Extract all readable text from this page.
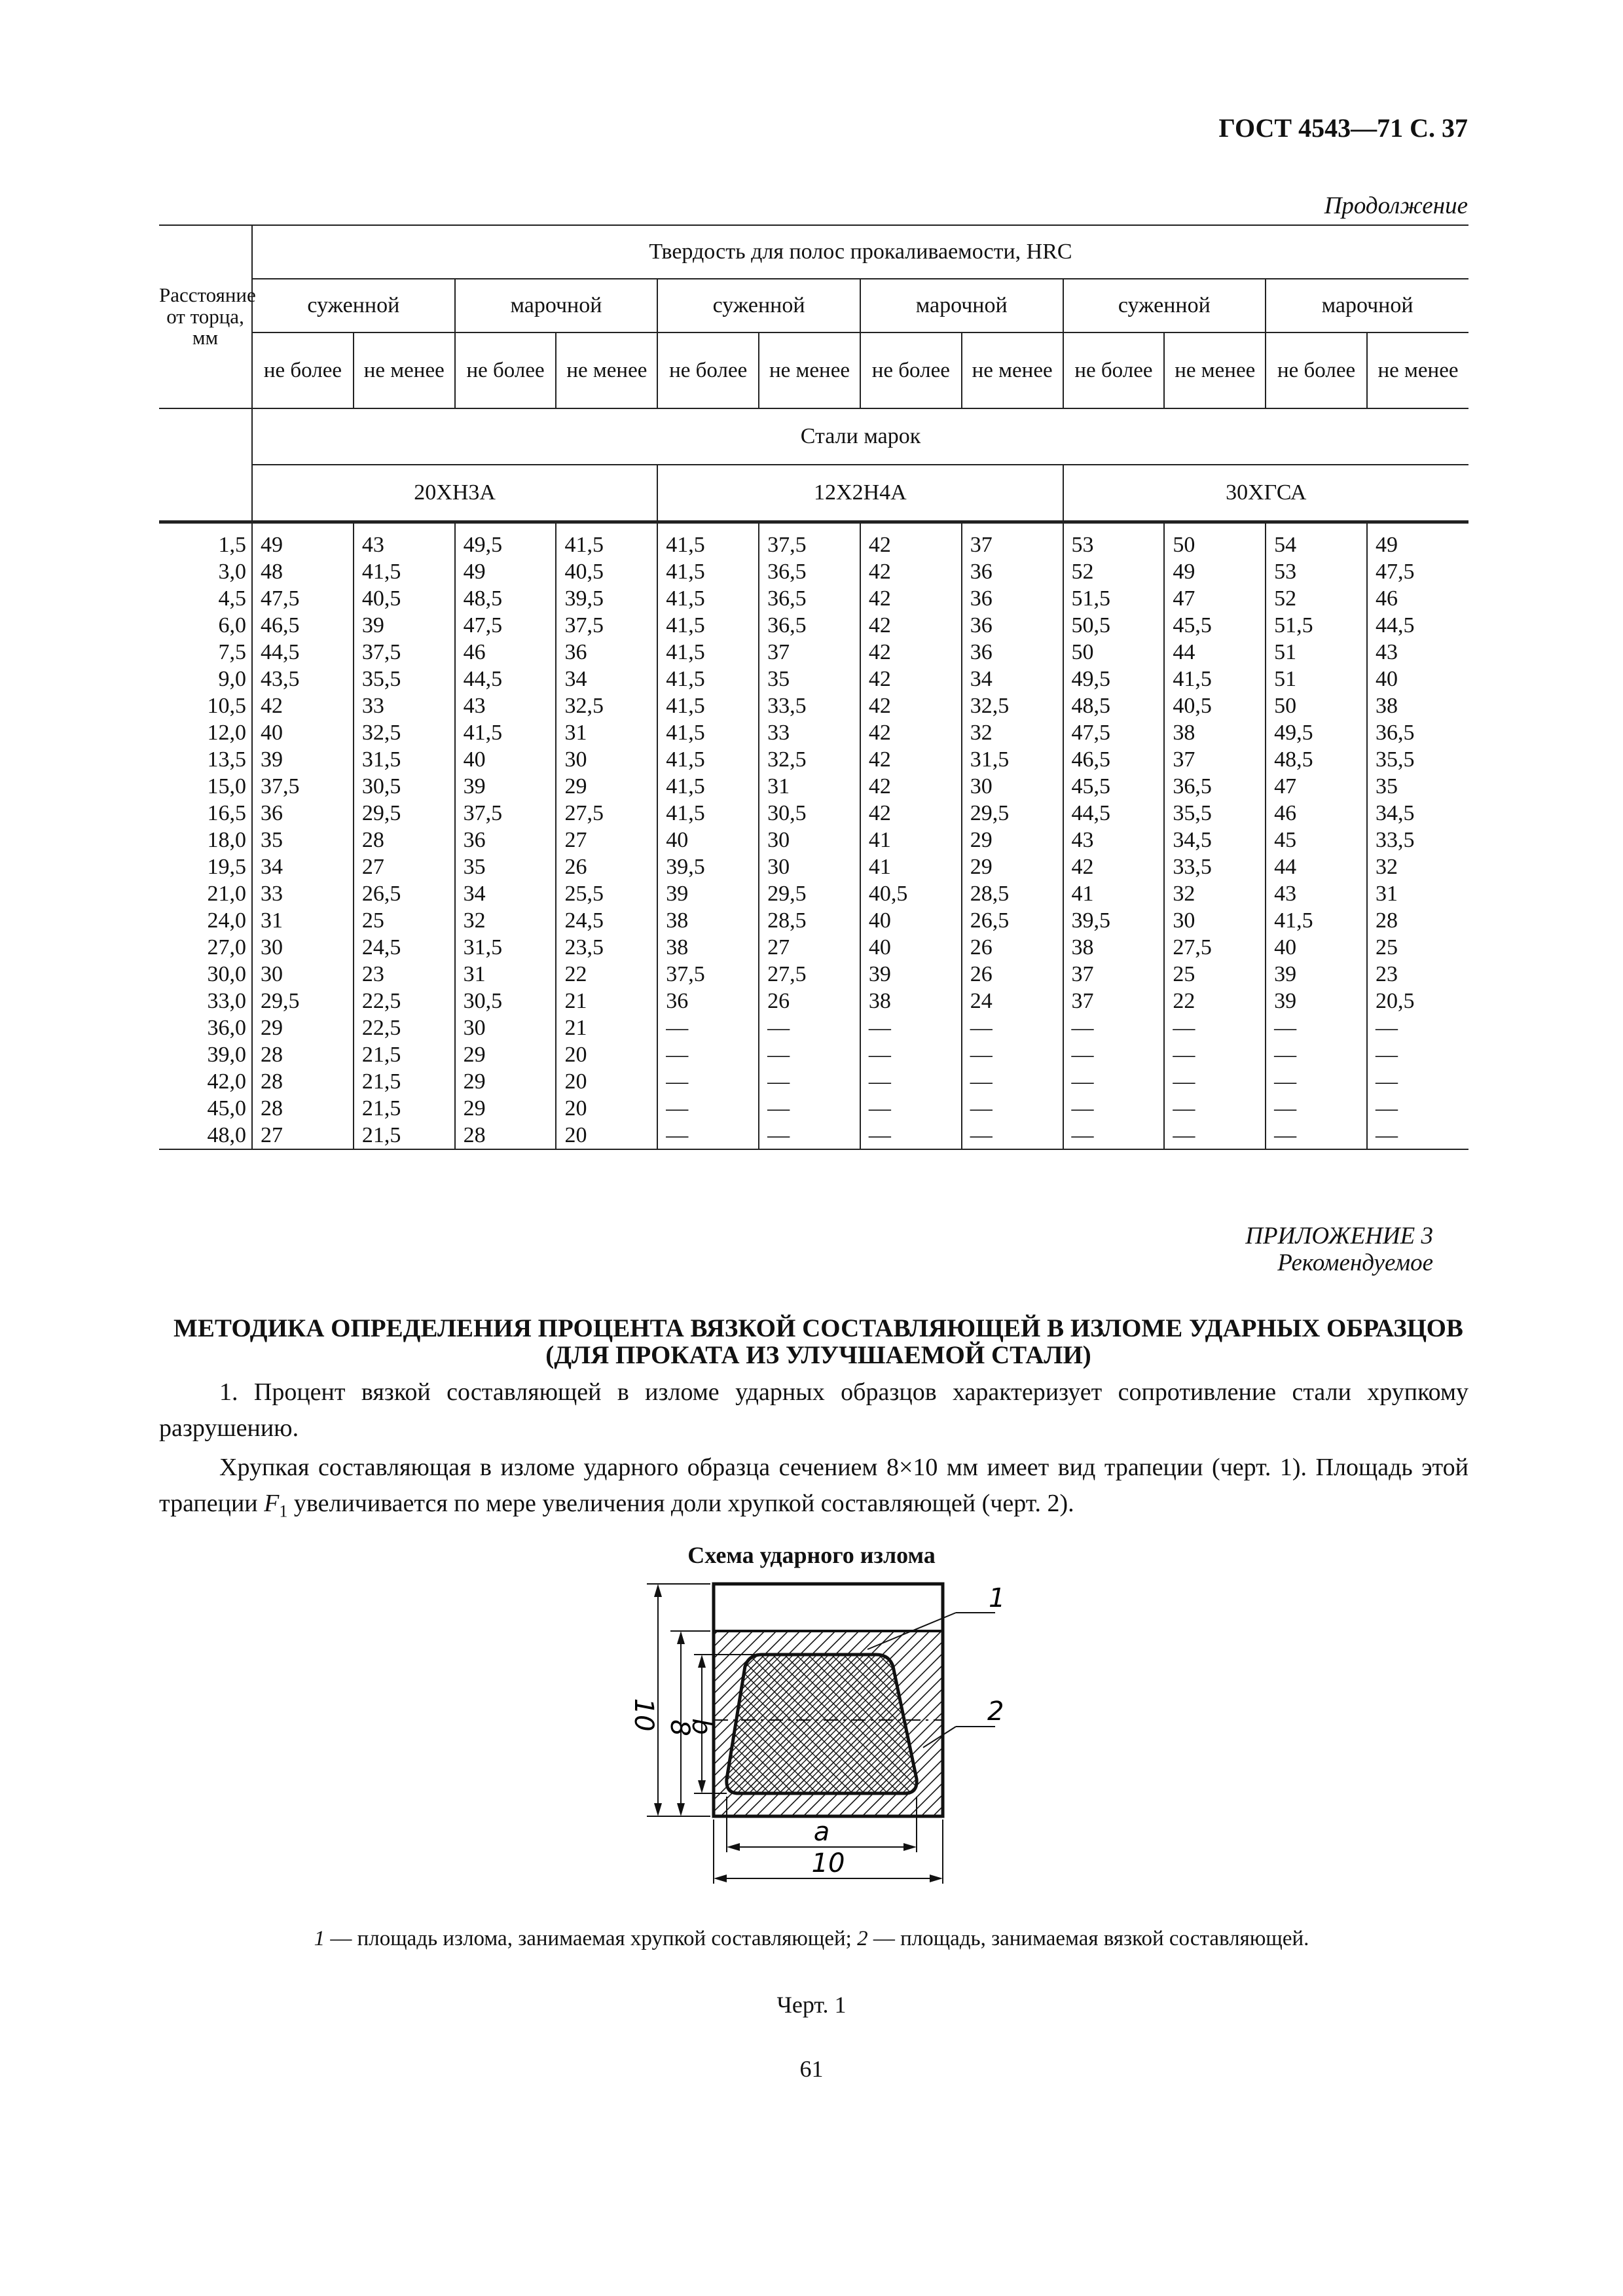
ГОСТ 4543—71 С. 37
Продолжение
Расстояние от торца, мм	Твердость для полос прокаливаемости, HRC											
	суженной		марочной		суженной		марочной		суженной		марочной	
	не более	не менее	не более	не менее	не более	не менее	не более	не менее	не более	не менее	не более	не менее
	Стали марок											
	20ХН3А				12Х2Н4А				30ХГСА			
1,5	49	43	49,5	41,5	41,5	37,5	42	37	53	50	54	49
3,0	48	41,5	49	40,5	41,5	36,5	42	36	52	49	53	47,5
4,5	47,5	40,5	48,5	39,5	41,5	36,5	42	36	51,5	47	52	46
6,0	46,5	39	47,5	37,5	41,5	36,5	42	36	50,5	45,5	51,5	44,5
7,5	44,5	37,5	46	36	41,5	37	42	36	50	44	51	43
9,0	43,5	35,5	44,5	34	41,5	35	42	34	49,5	41,5	51	40
10,5	42	33	43	32,5	41,5	33,5	42	32,5	48,5	40,5	50	38
12,0	40	32,5	41,5	31	41,5	33	42	32	47,5	38	49,5	36,5
13,5	39	31,5	40	30	41,5	32,5	42	31,5	46,5	37	48,5	35,5
15,0	37,5	30,5	39	29	41,5	31	42	30	45,5	36,5	47	35
16,5	36	29,5	37,5	27,5	41,5	30,5	42	29,5	44,5	35,5	46	34,5
18,0	35	28	36	27	40	30	41	29	43	34,5	45	33,5
19,5	34	27	35	26	39,5	30	41	29	42	33,5	44	32
21,0	33	26,5	34	25,5	39	29,5	40,5	28,5	41	32	43	31
24,0	31	25	32	24,5	38	28,5	40	26,5	39,5	30	41,5	28
27,0	30	24,5	31,5	23,5	38	27	40	26	38	27,5	40	25
30,0	30	23	31	22	37,5	27,5	39	26	37	25	39	23
33,0	29,5	22,5	30,5	21	36	26	38	24	37	22	39	20,5
36,0	29	22,5	30	21	—	—	—	—	—	—	—	—
39,0	28	21,5	29	20	—	—	—	—	—	—	—	—
42,0	28	21,5	29	20	—	—	—	—	—	—	—	—
45,0	28	21,5	29	20	—	—	—	—	—	—	—	—
48,0	27	21,5	28	20	—	—	—	—	—	—	—	—
ПРИЛОЖЕНИЕ 3
Рекомендуемое
МЕТОДИКА ОПРЕДЕЛЕНИЯ ПРОЦЕНТА ВЯЗКОЙ СОСТАВЛЯЮЩЕЙ В ИЗЛОМЕ УДАРНЫХ ОБРАЗЦОВ (ДЛЯ ПРОКАТА ИЗ УЛУЧШАЕМОЙ СТАЛИ)
1. Процент вязкой составляющей в изломе ударных образцов характеризует сопротивление стали хрупкому разрушению.
Хрупкая составляющая в изломе ударного образца сечением 8×10 мм имеет вид трапеции (черт. 1). Площадь этой трапеции $F_1$ увеличивается по мере увеличения доли хрупкой составляющей (черт. 2).
Схема ударного излома
10 8
b
a
10
1
2
1 — площадь излома, занимаемая хрупкой составляющей; 2 — площадь, занимаемая вязкой составляющей.
Черт. 1
61
